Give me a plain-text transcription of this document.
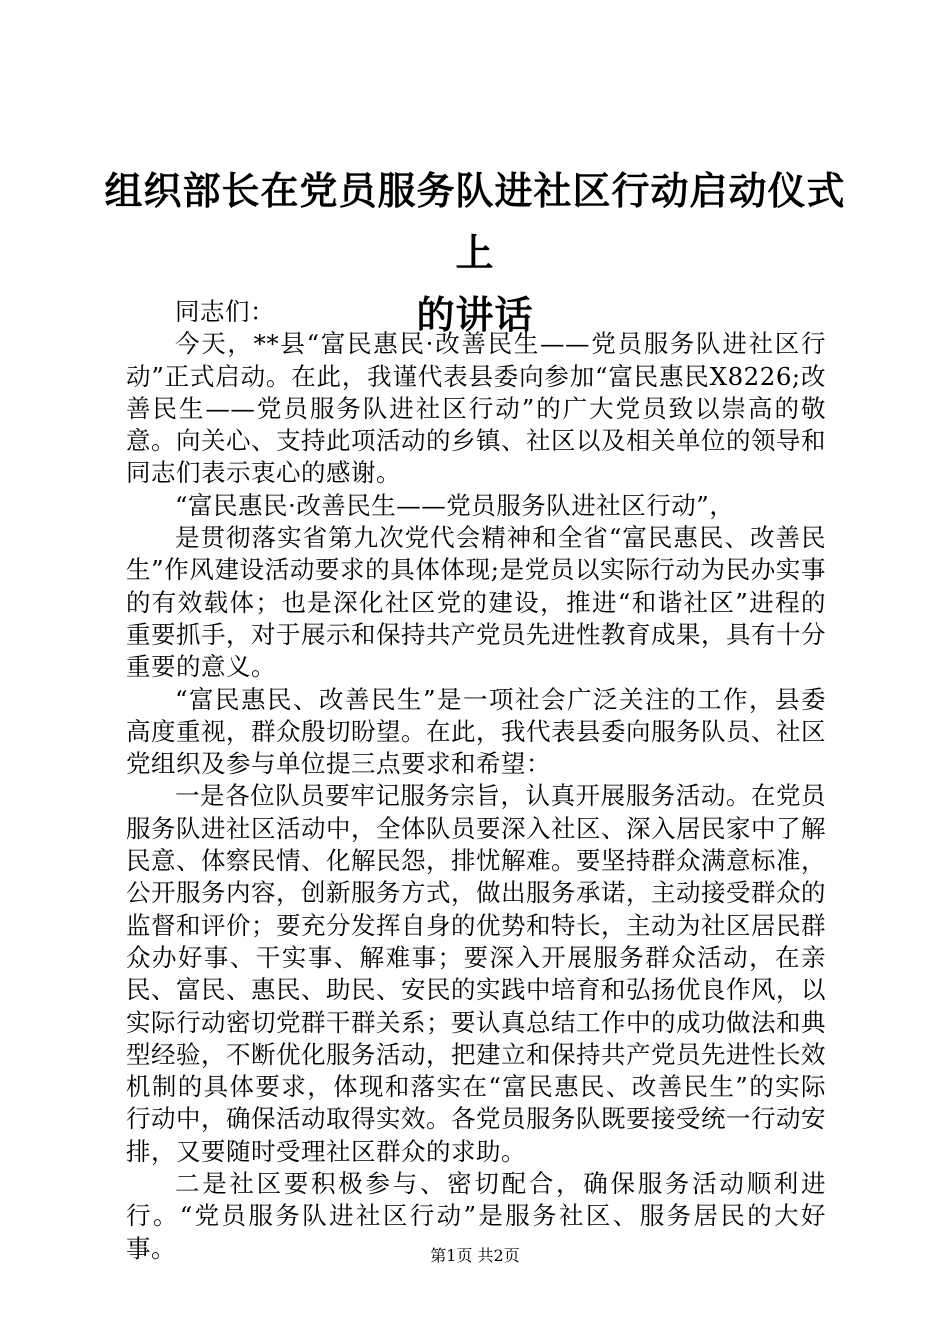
组织部长在党员服务队进社区行动启动仪式上
的讲话

同志们：

今天，**县“富民惠民·改善民生——党员服务队进社区行动”正式启动。在此，我谨代表县委向参加“富民惠民X8226;改善民生——党员服务队进社区行动”的广大党员致以崇高的敬意。向关心、支持此项活动的乡镇、社区以及相关单位的领导和同志们表示衷心的感谢。

“富民惠民·改善民生——党员服务队进社区行动”，

是贯彻落实省第九次党代会精神和全省“富民惠民、改善民生”作风建设活动要求的具体体现;是党员以实际行动为民办实事的有效载体；也是深化社区党的建设，推进“和谐社区”进程的重要抓手，对于展示和保持共产党员先进性教育成果，具有十分重要的意义。

“富民惠民、改善民生”是一项社会广泛关注的工作，县委高度重视，群众殷切盼望。在此，我代表县委向服务队员、社区党组织及参与单位提三点要求和希望：

一是各位队员要牢记服务宗旨，认真开展服务活动。在党员服务队进社区活动中，全体队员要深入社区、深入居民家中了解民意、体察民情、化解民怨，排忧解难。要坚持群众满意标准，公开服务内容，创新服务方式，做出服务承诺，主动接受群众的监督和评价；要充分发挥自身的优势和特长，主动为社区居民群众办好事、干实事、解难事；要深入开展服务群众活动，在亲民、富民、惠民、助民、安民的实践中培育和弘扬优良作风，以实际行动密切党群干群关系；要认真总结工作中的成功做法和典型经验，不断优化服务活动，把建立和保持共产党员先进性长效机制的具体要求，体现和落实在“富民惠民、改善民生”的实际行动中，确保活动取得实效。各党员服务队既要接受统一行动安排，又要随时受理社区群众的求助。

二是社区要积极参与、密切配合，确保服务活动顺利进行。“党员服务队进社区行动”是服务社区、服务居民的大好事。	第1页 共2页
